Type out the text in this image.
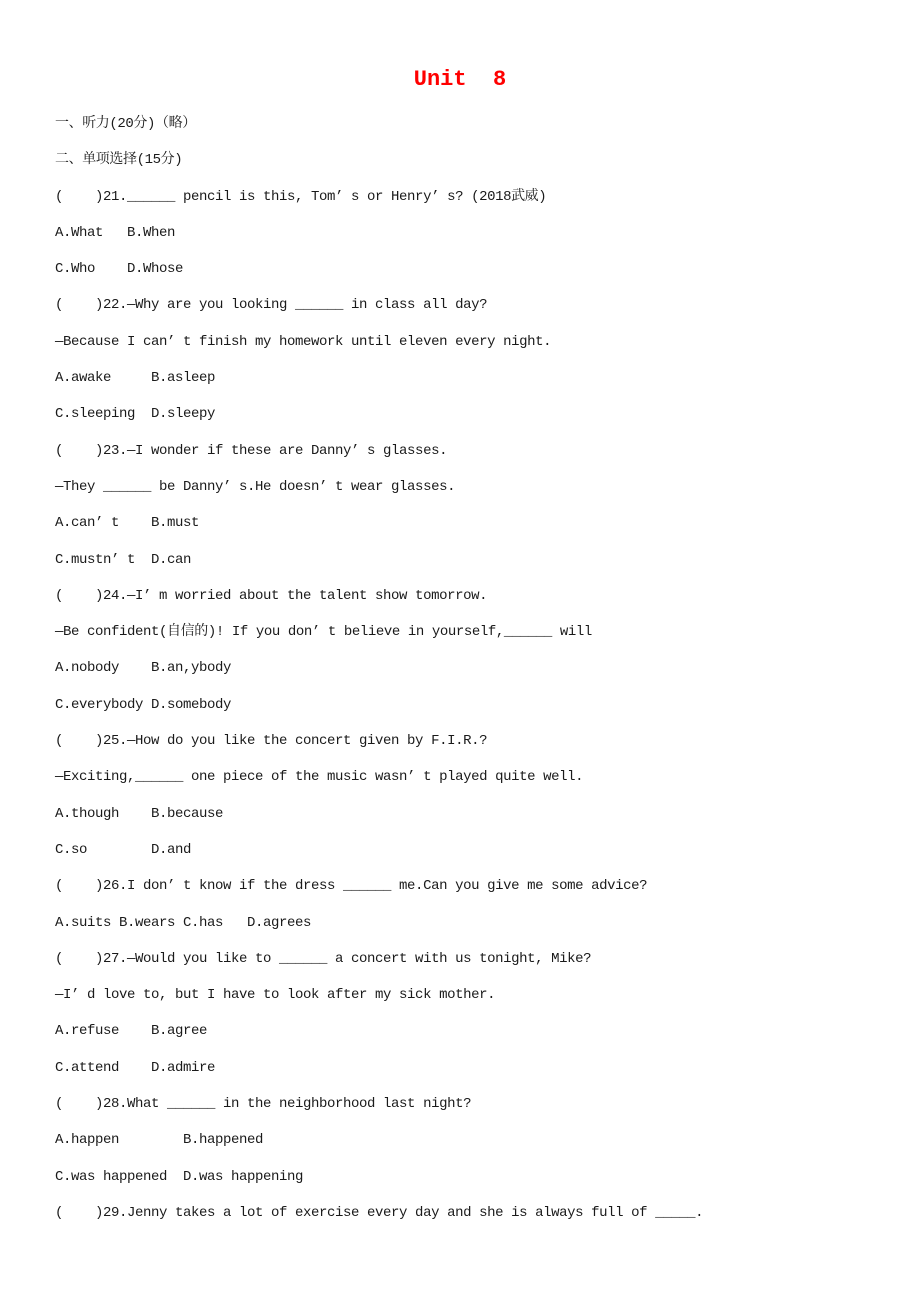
Unit  8
一、听力(20分)（略）
二、单项选择(15分)
(    )21.______ pencil is this, Tom’ s or Henry’ s? (2018武威)
A.What   B.When
C.Who    D.Whose
(    )22.—Why are you looking ______ in class all day?
—Because I can’ t finish my homework until eleven every night.
A.awake     B.asleep
C.sleeping  D.sleepy
(    )23.—I wonder if these are Danny’ s glasses.
—They ______ be Danny’ s.He doesn’ t wear glasses.
A.can’ t    B.must
C.mustn’ t  D.can
(    )24.—I’ m worried about the talent show tomorrow.
—Be confident(自信的)! If you don’ t believe in yourself,______ will
A.nobody    B.an,ybody
C.everybody D.somebody
(    )25.—How do you like the concert given by F.I.R.?
—Exciting,______ one piece of the music wasn’ t played quite well.
A.though    B.because
C.so        D.and
(    )26.I don’ t know if the dress ______ me.Can you give me some advice?
A.suits B.wears C.has   D.agrees
(    )27.—Would you like to ______ a concert with us tonight, Mike?
—I’ d love to, but I have to look after my sick mother.
A.refuse    B.agree
C.attend    D.admire
(    )28.What ______ in the neighborhood last night?
A.happen        B.happened
C.was happened  D.was happening
(    )29.Jenny takes a lot of exercise every day and she is always full of _____.
